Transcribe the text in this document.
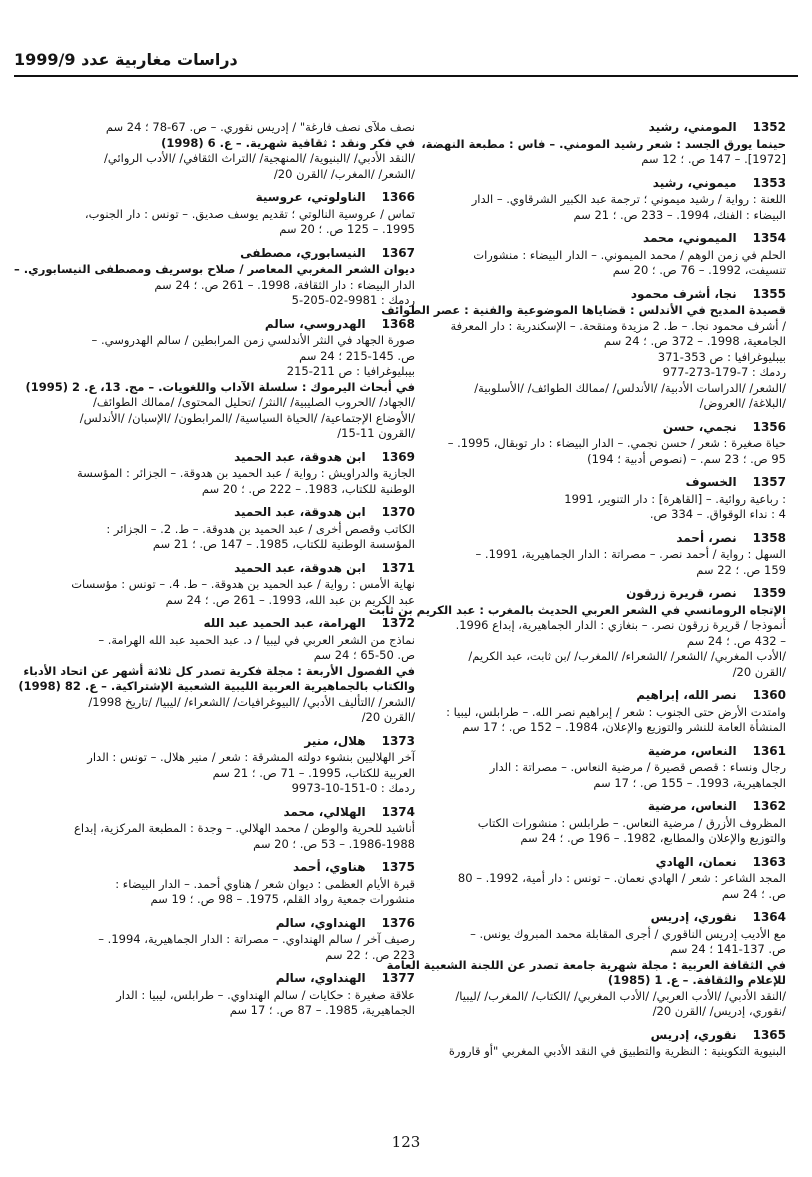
دراسات مغاربية عدد 1999/9
1352المومني، رشيد
حينما يورق الجسد : شعر رشيد المومني. – فاس : مطبعة النهضة،
[1972]. – 147 ص. ؛ 12 سم
1353ميموني، رشيد
اللعنة : رواية / رشيد ميموني ؛ ترجمة عبد الكبير الشرقاوي. – الدار
البيضاء : الفنك، 1994. – 233 ص. ؛ 21 سم
1354الميموني، محمد
الحلم في زمن الوهم / محمد الميموني. – الدار البيضاء : منشورات
تنسيفت، 1992. – 76 ص. ؛ 20 سم
1355نجا، أشرف محمود
قصيدة المديح في الأندلس : قضاياها الموضوعية والفنية : عصر الطوائف
/ أشرف محمود نجا. – ط. 2 مزيدة ومنقحة. – الإسكندرية : دار المعرفة
الجامعية، 1998. – 372 ص. ؛ 24 سم
بيبليوغرافيا : ص 353-371
ردمك : 7-179-273-977
/الشعر/ /الدراسات الأدبية/ /الأندلس/ /ممالك الطوائف/ /الأسلوبية/
/البلاغة/ /العروض/
1356نجمي، حسن
حياة صغيرة : شعر / حسن نجمي. – الدار البيضاء : دار توبقال، 1995. –
95 ص. ؛ 23 سم. – (نصوص أدبية ؛ 194)
1357الخسوف
: رباعية روائية. – [القاهرة] : دار التنوير، 1991
4 : نداء الوقواق. – 334 ص.
1358نصر، أحمد
السهل : رواية / أحمد نصر. – مصراتة : الدار الجماهيرية، 1991. –
159 ص. ؛ 22 سم
1359نصر، قريرة زرقون
الإتجاه الرومانسي في الشعر العربي الحديث بالمغرب : عبد الكريم بن ثابت
أنموذجا / قريرة زرقون نصر. – بنغازي : الدار الجماهيرية، إبداع 1996.
– 432 ص. ؛ 24 سم
/الأدب المغربي/ /الشعر/ /الشعراء/ /المغرب/ /بن ثابت، عبد الكريم/
/القرن 20/
1360نصر الله، إبراهيم
وامتدت الأرض حتى الجنوب : شعر / إبراهيم نصر الله. – طرابلس، ليبيا :
المنشأة العامة للنشر والتوزيع والإعلان، 1984. – 152 ص. ؛ 17 سم
1361النعاس، مرضية
رجال ونساء : قصص قصيرة / مرضية النعاس. – مصراتة : الدار
الجماهيرية، 1993. – 155 ص. ؛ 17 سم
1362النعاس، مرضية
المظروف الأزرق / مرضية النعاس. – طرابلس : منشورات الكتاب
والتوزيع والإعلان والمطابع، 1982. – 196 ص. ؛ 24 سم
1363نعمان، الهادي
المجد الشاعر : شعر / الهادي نعمان. – تونس : دار أمية، 1992. – 80
ص. ؛ 24 سم
1364نقوري، إدريس
مع الأديب إدريس الناقوري / أجرى المقابلة محمد المبروك يونس. –
ص. 137-141 ؛ 24 سم
في الثقافة العربية : مجلة شهرية جامعة تصدر عن اللجنة الشعبية العامة
للإعلام والثقافة. – ع. 1 (1985)
/النقد الأدبي/ /الأدب العربي/ /الأدب المغربي/ /الكتاب/ /المغرب/ /ليبيا/
/نقوري، إدريس/ /القرن 20/
1365نقوري، إدريس
البنيوية التكوينية : النظرية والتطبيق في النقد الأدبي المغربي "أو قارورة
نصف ملآى نصف فارغة" / إدريس نقوري. – ص. 67-78 ؛ 24 سم
في فكر ونقد : ثقافية شهرية. – ع. 6 (1998)
/النقد الأدبي/ /البنيوية/ /المنهجية/ /التراث الثقافي/ /الأدب الروائي/
/الشعر/ /المغرب/ /القرن 20/
1366الناولوتي، عروسية
تماس / عروسية النالوتي ؛ تقديم يوسف صديق. – تونس : دار الجنوب،
1995. – 125 ص. ؛ 20 سم
1367النيسابوري، مصطفى
ديوان الشعر المغربي المعاصر / صلاح بوسريف ومصطفى النيسابوري. –
الدار البيضاء : دار الثقافة، 1998. – 261 ص. ؛ 24 سم
ردمك : 9981-02-205-5
1368الهدروسي، سالم
صورة الجهاد في النثر الأندلسي زمن المرابطين / سالم الهدروسي. –
ص. 145-215 ؛ 24 سم
بيبليوغرافيا : ص 211-215
في أبحاث اليرموك : سلسلة الآداب واللغويات. – مج. 13، ع. 2 (1995)
/الجهاد/ /الحروب الصليبية/ /النثر/ /تحليل المحتوى/ /ممالك الطوائف/
/الأوضاع الإجتماعية/ /الحياة السياسية/ /المرابطون/ /الإسبان/ /الأندلس/
/القرون 11-15/
1369ابن هدوقة، عبد الحميد
الجازية والدراويش : رواية / عبد الحميد بن هدوقة. – الجزائر : المؤسسة
الوطنية للكتاب، 1983. – 222 ص. ؛ 20 سم
1370ابن هدوقة، عبد الحميد
الكاتب وقصص أخرى / عبد الحميد بن هدوقة. – ط. 2. – الجزائر :
المؤسسة الوطنية للكتاب، 1985. – 147 ص. ؛ 21 سم
1371ابن هدوقة، عبد الحميد
نهاية الأمس : رواية / عبد الحميد بن هدوقة. – ط. 4. – تونس : مؤسسات
عبد الكريم بن عبد الله، 1993. – 261 ص. ؛ 24 سم
1372الهرامة، عبد الحميد عبد الله
نماذج من الشعر العربي في ليبيا / د. عبد الحميد عبد الله الهرامة. –
ص. 50-65 ؛ 24 سم
في الفصول الأربعة : مجلة فكرية تصدر كل ثلاثة أشهر عن اتحاد الأدباء
والكتاب بالجماهيرية العربية الليبية الشعبية الإشتراكية. – ع. 82 (1998)
/الشعر/ /التأليف الأدبي/ /البيوغرافيات/ /الشعراء/ /ليبيا/ /تاريخ 1998/
/القرن 20/
1373هلال، منير
آخر الهلاليين بنشوء دولته المشرقة : شعر / منير هلال. – تونس : الدار
العربية للكتاب، 1995. – 71 ص. ؛ 21 سم
ردمك : 0-151-10-9973
1374الهلالي، محمد
أناشيد للحرية والوطن / محمد الهلالي. – وجدة : المطبعة المركزية، إبداع
1986-1988. – 53 ص. ؛ 20 سم
1375هناوي، أحمد
قبرة الأيام العظمى : ديوان شعر / هناوي أحمد. – الدار البيضاء :
منشورات جمعية رواد القلم، 1975. – 98 ص. ؛ 19 سم
1376الهنداوي، سالم
رصيف آخر / سالم الهنداوي. – مصراتة : الدار الجماهيرية، 1994. –
223 ص. ؛ 22 سم
1377الهنداوي، سالم
علاقة صغيرة : حكايات / سالم الهنداوي. – طرابلس، ليبيا : الدار
الجماهيرية، 1985. – 87 ص. ؛ 17 سم
123
